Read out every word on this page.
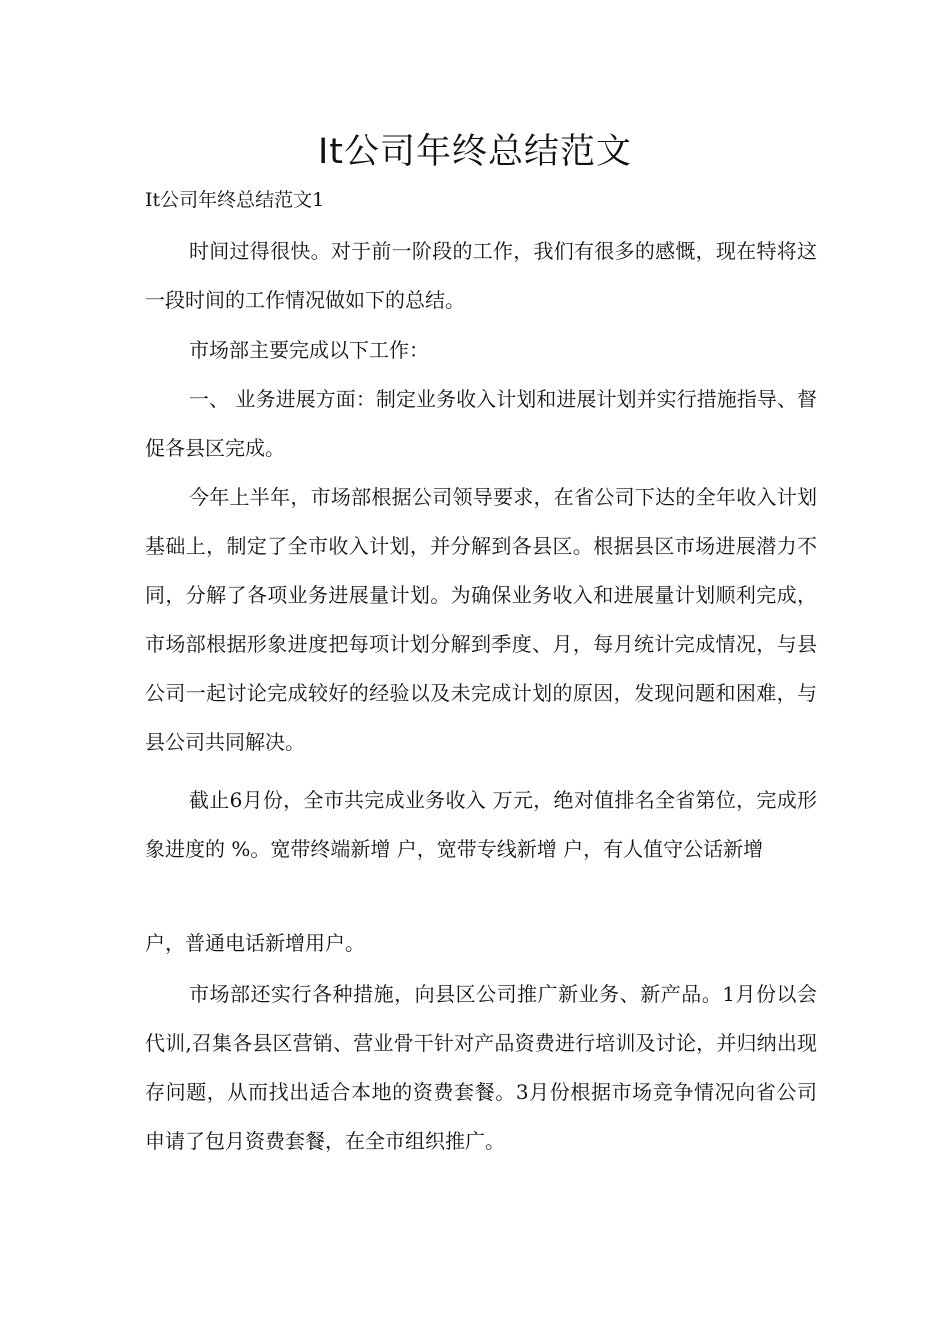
It公司年终总结范文

It公司年终总结范文1

时间过得很快。对于前一阶段的工作，我们有很多的感慨，现在特将这一段时间的工作情况做如下的总结。

市场部主要完成以下工作：

一、 业务进展方面：制定业务收入计划和进展计划并实行措施指导、督促各县区完成。

今年上半年，市场部根据公司领导要求，在省公司下达的全年收入计划基础上，制定了全市收入计划，并分解到各县区。根据县区市场进展潜力不同，分解了各项业务进展量计划。为确保业务收入和进展量计划顺利完成，市场部根据形象进度把每项计划分解到季度、月，每月统计完成情况，与县公司一起讨论完成较好的经验以及未完成计划的原因，发现问题和困难，与县公司共同解决。

截止6月份，全市共完成业务收入 万元，绝对值排名全省第位，完成形象进度的 %。宽带终端新增 户，宽带专线新增 户，有人值守公话新增

户，普通电话新增用户。

市场部还实行各种措施，向县区公司推广新业务、新产品。1月份以会代训,召集各县区营销、营业骨干针对产品资费进行培训及讨论，并归纳出现存问题，从而找出适合本地的资费套餐。3月份根据市场竞争情况向省公司申请了包月资费套餐，在全市组织推广。
